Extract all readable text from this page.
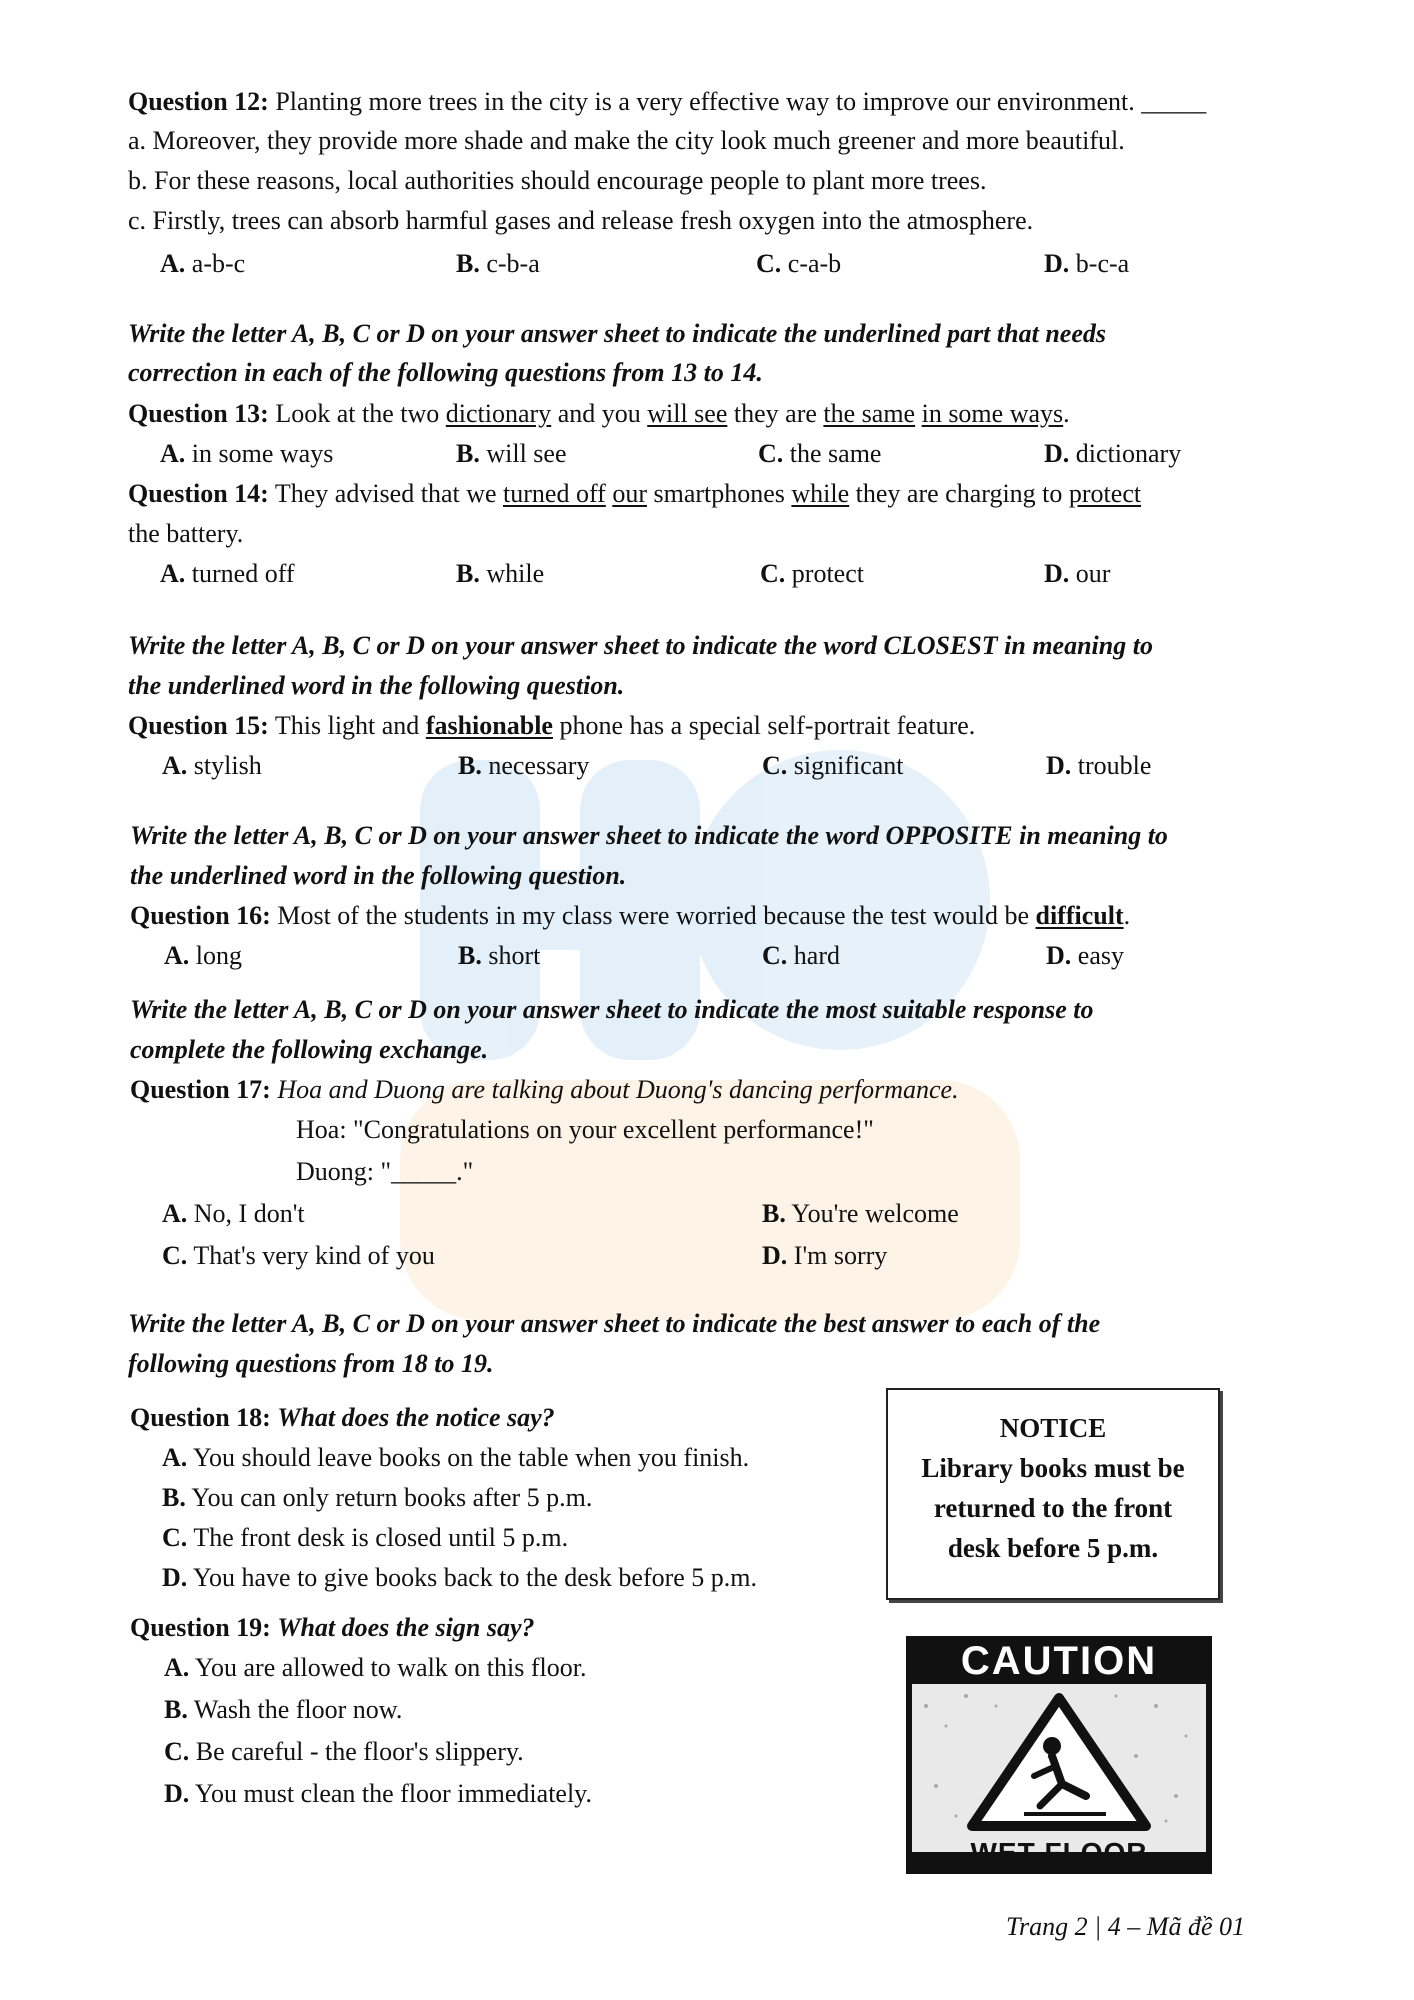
Question 12: Planting more trees in the city is a very effective way to improve our environment. _____
a. Moreover, they provide more shade and make the city look much greener and more beautiful.
b. For these reasons, local authorities should encourage people to plant more trees.
c. Firstly, trees can absorb harmful gases and release fresh oxygen into the atmosphere.
A. a-b-c	B. c-b-a	C. c-a-b	D. b-c-a
Write the letter A, B, C or D on your answer sheet to indicate the underlined part that needs
correction in each of the following questions from 13 to 14.
Question 13: Look at the two dictionary and you will see they are the same in some ways.
A. in some ways	B. will see	C. the same	D. dictionary
Question 14: They advised that we turned off our smartphones while they are charging to protect
the battery.
A. turned off	B. while	C. protect	D. our
Write the letter A, B, C or D on your answer sheet to indicate the word CLOSEST in meaning to
the underlined word in the following question.
Question 15: This light and fashionable phone has a special self-portrait feature.
A. stylish	B. necessary	C. significant	D. trouble
Write the letter A, B, C or D on your answer sheet to indicate the word OPPOSITE in meaning to
the underlined word in the following question.
Question 16: Most of the students in my class were worried because the test would be difficult.
A. long	B. short	C. hard	D. easy
Write the letter A, B, C or D on your answer sheet to indicate the most suitable response to
complete the following exchange.
Question 17: Hoa and Duong are talking about Duong's dancing performance.
Hoa: "Congratulations on your excellent performance!"
Duong: "_____."
A. No, I don't	B. You're welcome
C. That's very kind of you	D. I'm sorry
Write the letter A, B, C or D on your answer sheet to indicate the best answer to each of the
following questions from 18 to 19.
Question 18: What does the notice say?
A. You should leave books on the table when you finish.
B. You can only return books after 5 p.m.
C. The front desk is closed until 5 p.m.
D. You have to give books back to the desk before 5 p.m.
NOTICE
Library books must be
returned to the front
desk before 5 p.m.
Question 19: What does the sign say?
A. You are allowed to walk on this floor.
B. Wash the floor now.
C. Be careful - the floor's slippery.
D. You must clean the floor immediately.
CAUTION
WET FLOOR
Trang 2 | 4 – Mã đề 01
